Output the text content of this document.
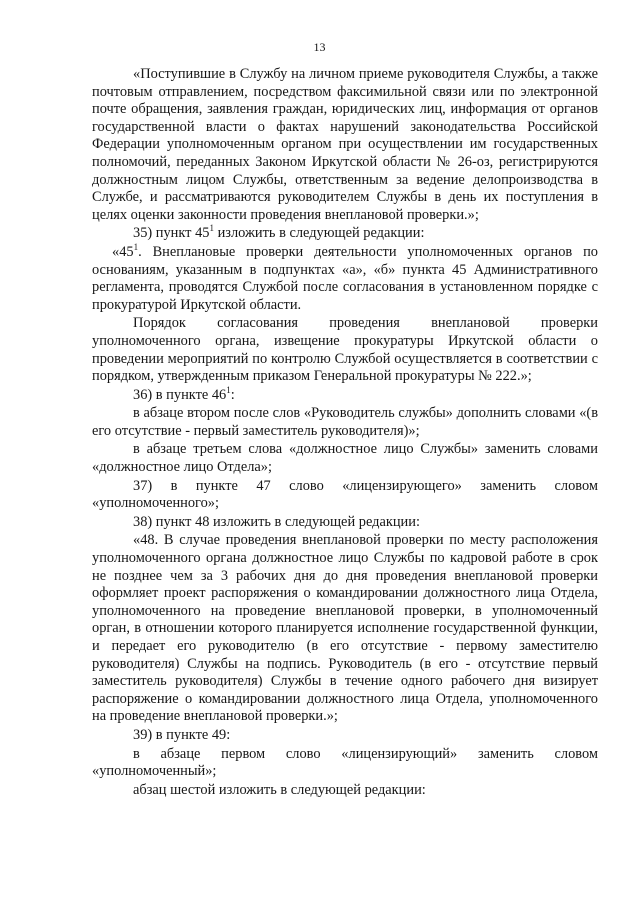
13

«Поступившие в Службу на личном приеме руководителя Службы, а также почтовым отправлением, посредством факсимильной связи или по электронной почте обращения, заявления граждан, юридических лиц, информация от органов государственной власти о фактах нарушений законодательства Российской Федерации уполномоченным органом при осуществлении им государственных полномочий, переданных Законом Иркутской области № 26-оз, регистрируются должностным лицом Службы, ответственным за ведение делопроизводства в Службе, и рассматриваются руководителем Службы в день их поступления в целях оценки законности проведения внеплановой проверки.»;

35) пункт $45^1$ изложить в следующей редакции:

«$45^1$. Внеплановые проверки деятельности уполномоченных органов по основаниям, указанным в подпунктах «а», «б» пункта 45 Административного регламента, проводятся Службой после согласования в установленном порядке с прокуратурой Иркутской области.

Порядок согласования проведения внеплановой проверки уполномоченного органа, извещение прокуратуры Иркутской области о проведении мероприятий по контролю Службой осуществляется в соответствии с порядком, утвержденным приказом Генеральной прокуратуры № 222.»;

36) в пункте $46^1$:

в абзаце втором после слов «Руководитель службы» дополнить словами «(в его отсутствие - первый заместитель руководителя)»;

в абзаце третьем слова «должностное лицо Службы» заменить словами «должностное лицо Отдела»;

37) в пункте 47 слово «лицензирующего» заменить словом «уполномоченного»;

38) пункт 48 изложить в следующей редакции:

«48. В случае проведения внеплановой проверки по месту расположения уполномоченного органа должностное лицо Службы по кадровой работе в срок не позднее чем за 3 рабочих дня до дня проведения внеплановой проверки оформляет проект распоряжения о командировании должностного лица Отдела, уполномоченного на проведение внеплановой проверки, в уполномоченный орган, в отношении которого планируется исполнение государственной функции, и передает его руководителю (в его отсутствие - первому заместителю руководителя) Службы на подпись. Руководитель (в его - отсутствие первый заместитель руководителя) Службы в течение одного рабочего дня визирует распоряжение о командировании должностного лица Отдела, уполномоченного на проведение внеплановой проверки.»;

39) в пункте 49:

в абзаце первом слово «лицензирующий» заменить словом «уполномоченный»;

абзац шестой изложить в следующей редакции:
